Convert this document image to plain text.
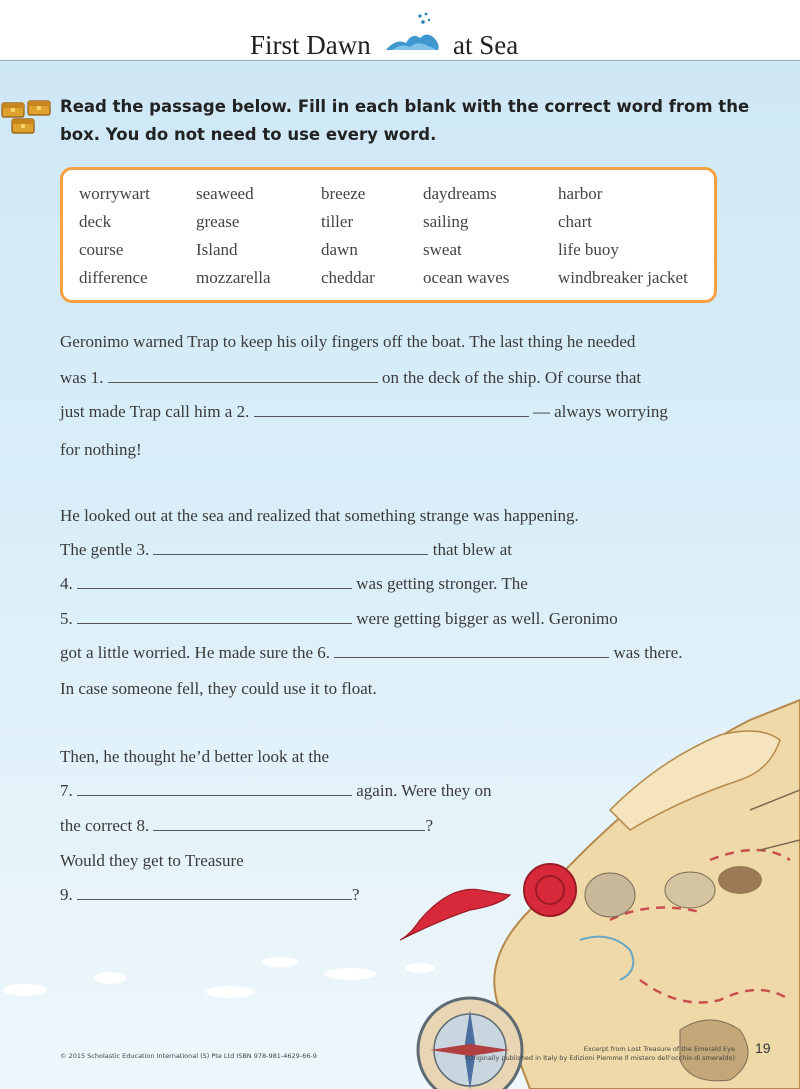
First Dawn	at Sea
Read the passage below. Fill in each blank with the correct word from the box. You do not need to use every word.
worrywart	seaweed	breeze	daydreams	harbor
deck	grease	tiller	sailing	chart
course	Island	dawn	sweat	life buoy
difference	mozzarella	cheddar	ocean waves	windbreaker jacket
Geronimo warned Trap to keep his oily fingers off the boat. The last thing he needed
was 1.	on the deck of the ship. Of course that
just made Trap call him a 2.	— always worrying
for nothing!
He looked out at the sea and realized that something strange was happening.
The gentle 3.	that blew at
4.	was getting stronger. The
5.	were getting bigger as well. Geronimo
got a little worried. He made sure the 6.	was there.
In case someone fell, they could use it to float.
Then, he thought he’d better look at the
7.	again. Were they on
the correct 8.	?
Would they get to Treasure
9.	?
© 2015 Scholastic Education International (S) Pte Ltd ISBN 978-981-4629-66-9
Excerpt from Lost Treasure of the Emerald Eye
(Originally published in Italy by Edizioni Piemme Il mistero dell’occhio di smeraldo)
19
